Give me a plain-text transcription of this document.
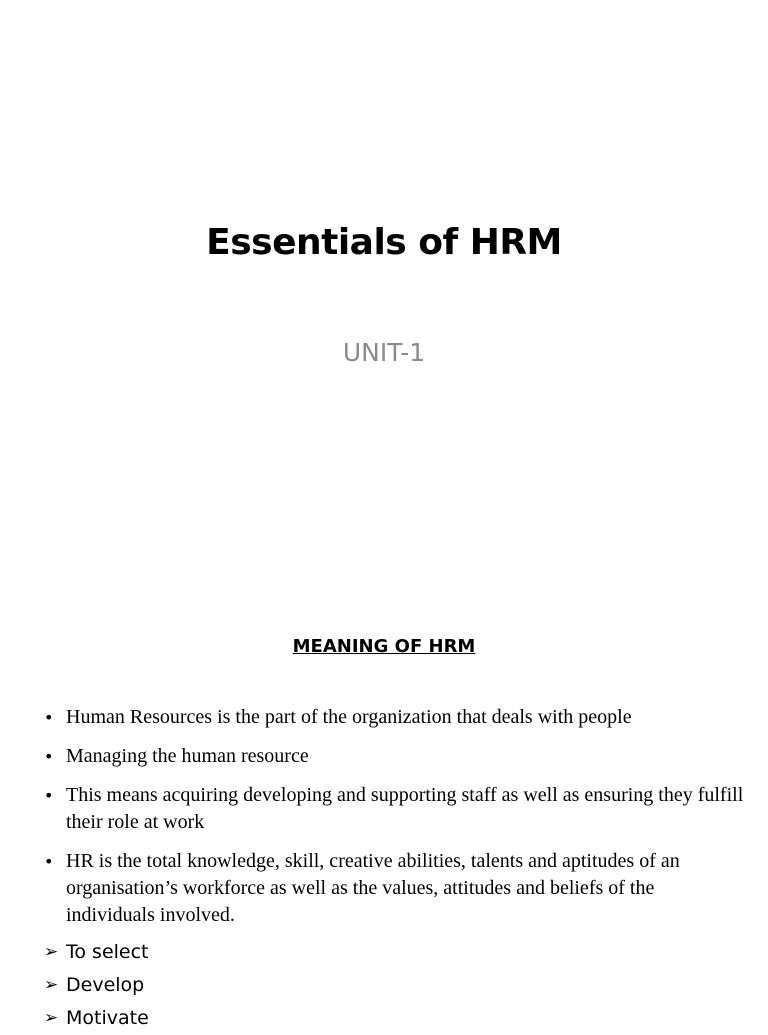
Essentials of HRM
UNIT-1
MEANING OF HRM
• Human Resources is the part of the organization that deals with people
• Managing the human resource
• This means acquiring developing and supporting staff as well as ensuring they fulfill their role at work
• HR is the total knowledge, skill, creative abilities, talents and aptitudes of an organisation’s workforce as well as the values, attitudes and beliefs of the individuals involved.
➢ To select
➢ Develop
➢ Motivate
